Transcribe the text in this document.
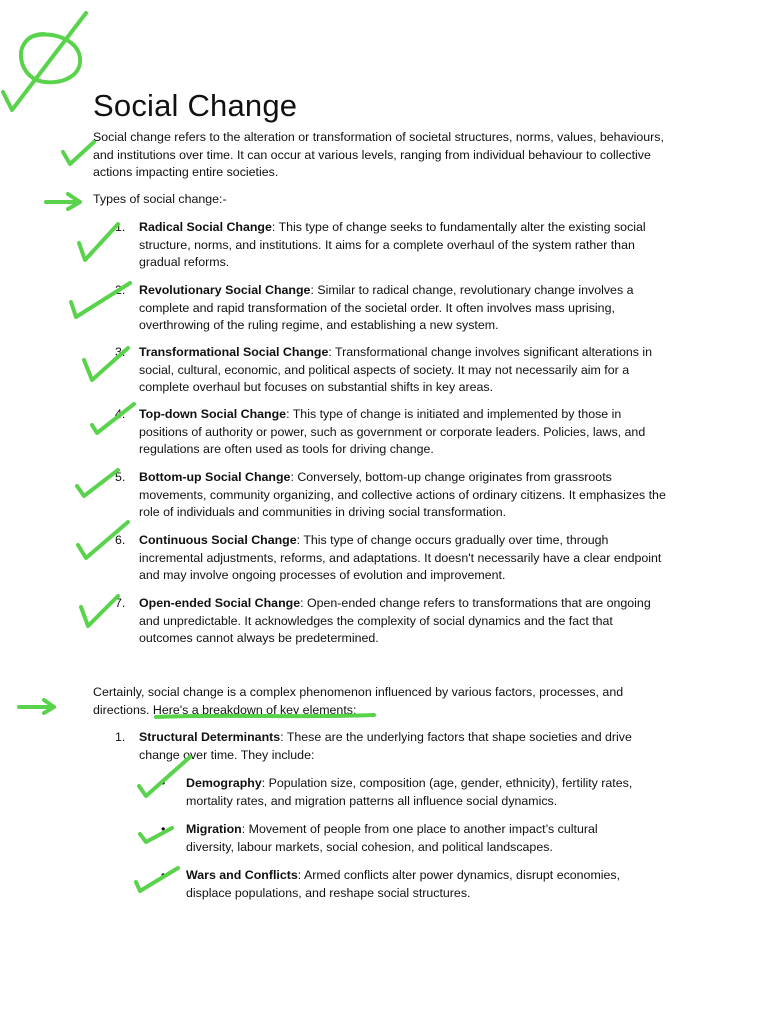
Social Change

Social change refers to the alteration or transformation of societal structures, norms, values, behaviours, and institutions over time. It can occur at various levels, ranging from individual behaviour to collective actions impacting entire societies.

Types of social change:-

1.	Radical Social Change: This type of change seeks to fundamentally alter the existing social structure, norms, and institutions. It aims for a complete overhaul of the system rather than gradual reforms.
2.	Revolutionary Social Change: Similar to radical change, revolutionary change involves a complete and rapid transformation of the societal order. It often involves mass uprising, overthrowing of the ruling regime, and establishing a new system.
3.	Transformational Social Change: Transformational change involves significant alterations in social, cultural, economic, and political aspects of society. It may not necessarily aim for a complete overhaul but focuses on substantial shifts in key areas.
4.	Top-down Social Change: This type of change is initiated and implemented by those in positions of authority or power, such as government or corporate leaders. Policies, laws, and regulations are often used as tools for driving change.
5.	Bottom-up Social Change: Conversely, bottom-up change originates from grassroots movements, community organizing, and collective actions of ordinary citizens. It emphasizes the role of individuals and communities in driving social transformation.
6.	Continuous Social Change: This type of change occurs gradually over time, through incremental adjustments, reforms, and adaptations. It doesn't necessarily have a clear endpoint and may involve ongoing processes of evolution and improvement.
7.	Open-ended Social Change: Open-ended change refers to transformations that are ongoing and unpredictable. It acknowledges the complexity of social dynamics and the fact that outcomes cannot always be predetermined.

Certainly, social change is a complex phenomenon influenced by various factors, processes, and directions. Here's a breakdown of key elements:

1.	Structural Determinants: These are the underlying factors that shape societies and drive change over time. They include:
• Demography: Population size, composition (age, gender, ethnicity), fertility rates, mortality rates, and migration patterns all influence social dynamics.
• Migration: Movement of people from one place to another impact’s cultural diversity, labour markets, social cohesion, and political landscapes.
• Wars and Conflicts: Armed conflicts alter power dynamics, disrupt economies, displace populations, and reshape social structures.
